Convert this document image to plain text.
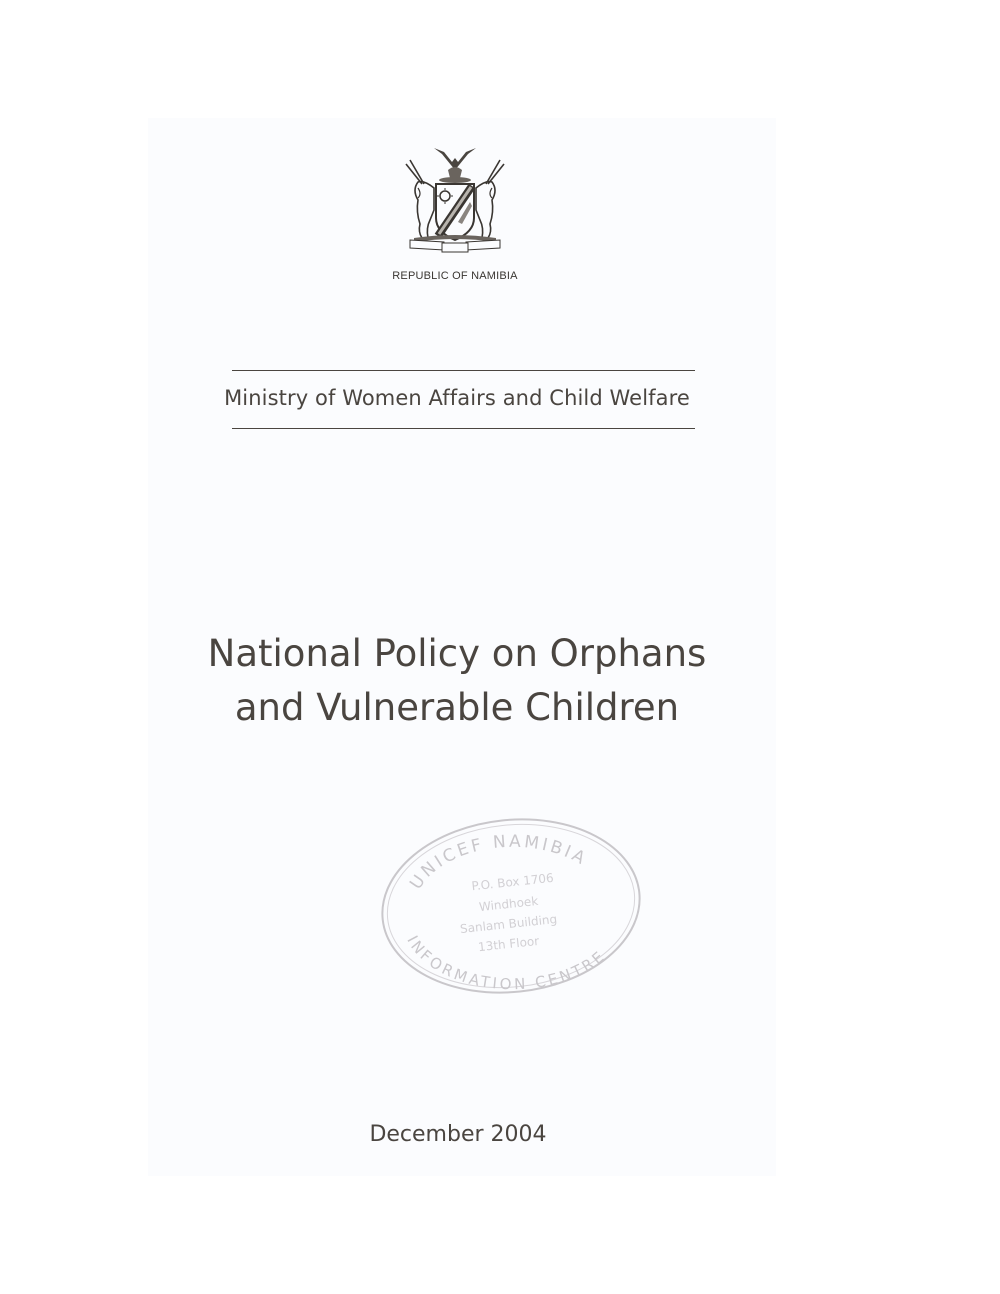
REPUBLIC OF NAMIBIA
Ministry of Women Affairs and Child Welfare
National Policy on Orphans
and Vulnerable Children
UNICEF NAMIBIA
INFORMATION CENTRE
P.O. Box 1706
Windhoek
Sanlam Building
13th Floor
December 2004
